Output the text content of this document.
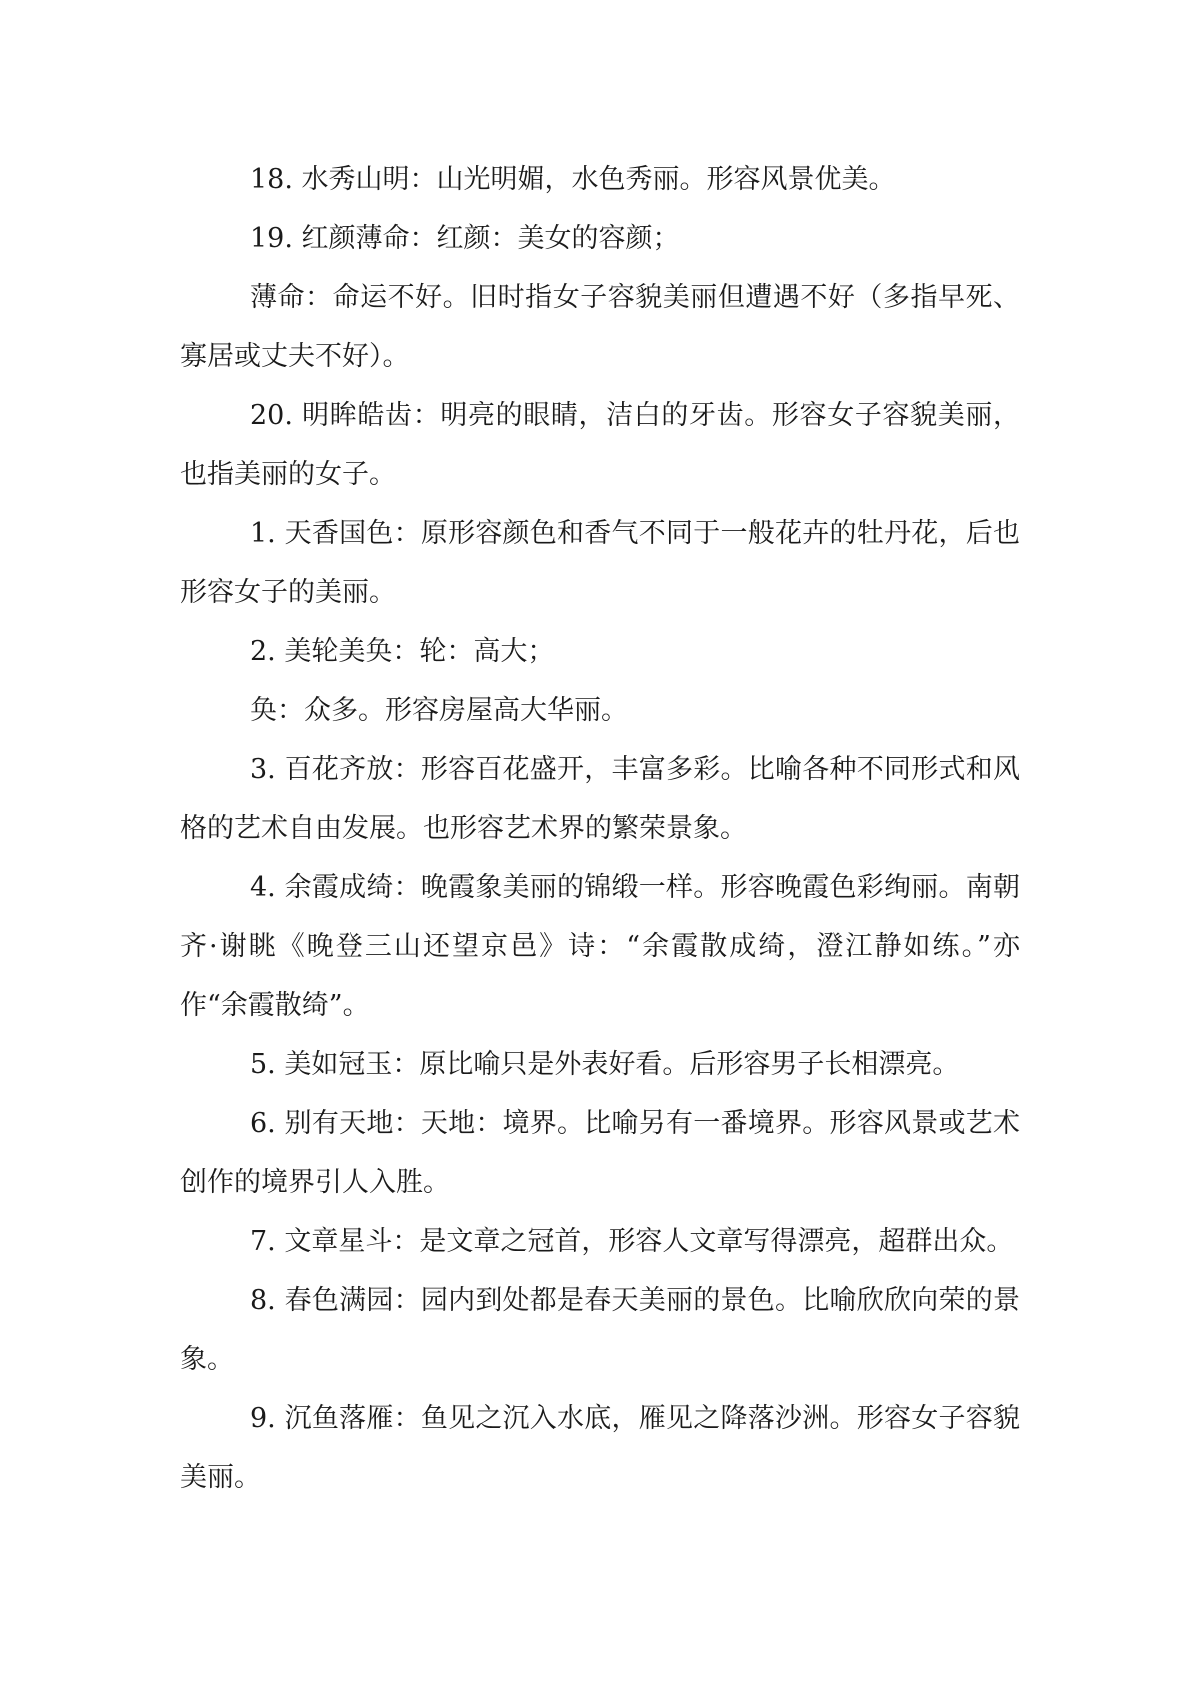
18. 水秀山明：山光明媚，水色秀丽。形容风景优美。

19. 红颜薄命：红颜：美女的容颜；

薄命：命运不好。旧时指女子容貌美丽但遭遇不好（多指早死、寡居或丈夫不好）。

20. 明眸皓齿：明亮的眼睛，洁白的牙齿。形容女子容貌美丽，也指美丽的女子。

1. 天香国色：原形容颜色和香气不同于一般花卉的牡丹花，后也形容女子的美丽。

2. 美轮美奂：轮：高大；

奂：众多。形容房屋高大华丽。

3. 百花齐放：形容百花盛开，丰富多彩。比喻各种不同形式和风格的艺术自由发展。也形容艺术界的繁荣景象。

4. 余霞成绮：晚霞象美丽的锦缎一样。形容晚霞色彩绚丽。南朝齐·谢眺《晚登三山还望京邑》诗：“余霞散成绮，澄江静如练。”亦作“余霞散绮”。

5. 美如冠玉：原比喻只是外表好看。后形容男子长相漂亮。

6. 别有天地：天地：境界。比喻另有一番境界。形容风景或艺术创作的境界引人入胜。

7. 文章星斗：是文章之冠首，形容人文章写得漂亮，超群出众。

8. 春色满园：园内到处都是春天美丽的景色。比喻欣欣向荣的景象。

9. 沉鱼落雁：鱼见之沉入水底，雁见之降落沙洲。形容女子容貌美丽。
